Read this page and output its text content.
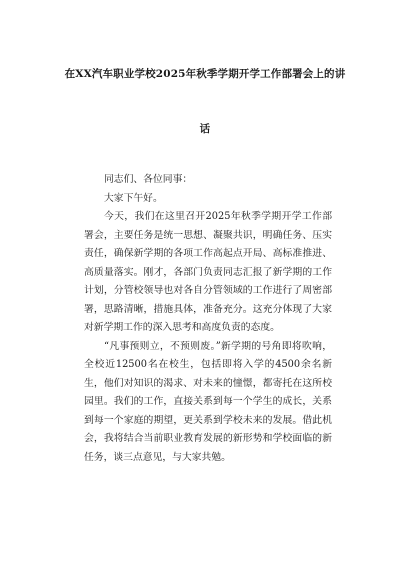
在XX汽车职业学校2025年秋季学期开学工作部署会上的讲
话
同志们、各位同事：
大家下午好。

今天，我们在这里召开2025年秋季学期开学工作部署会，主要任务是统一思想、凝聚共识，明确任务、压实责任，确保新学期的各项工作高起点开局、高标准推进、高质量落实。刚才，各部门负责同志汇报了新学期的工作计划，分管校领导也对各自分管领域的工作进行了周密部署，思路清晰，措施具体，准备充分。这充分体现了大家对新学期工作的深入思考和高度负责的态度。

“凡事预则立，不预则废。”新学期的号角即将吹响，全校近12500名在校生，包括即将入学的4500余名新生，他们对知识的渴求、对未来的憧憬，都寄托在这所校园里。我们的工作，直接关系到每一个学生的成长，关系到每一个家庭的期望，更关系到学校未来的发展。借此机会，我将结合当前职业教育发展的新形势和学校面临的新任务，谈三点意见，与大家共勉。
